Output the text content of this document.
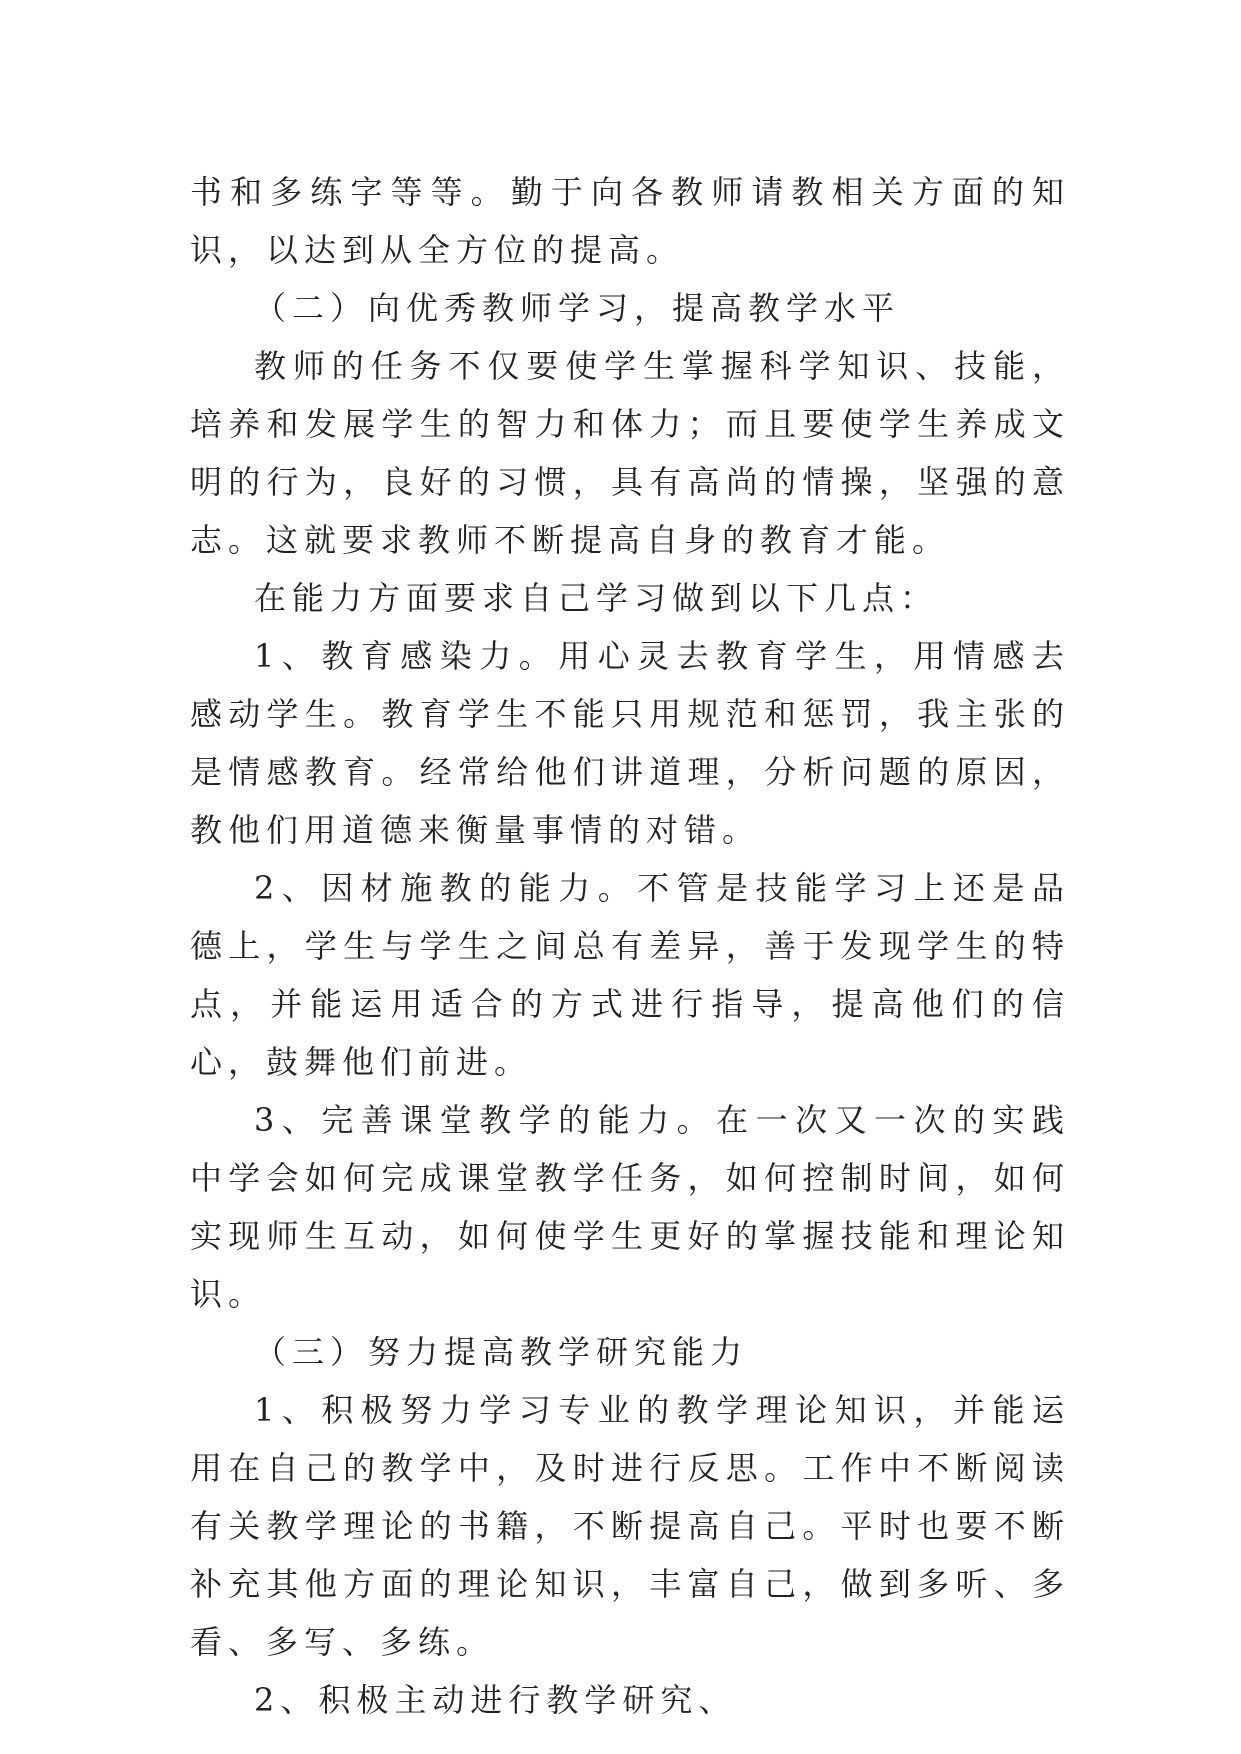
书和多练字等等。勤于向各教师请教相关方面的知识，以达到从全方位的提高。

（二）向优秀教师学习，提高教学水平

教师的任务不仅要使学生掌握科学知识、技能，培养和发展学生的智力和体力；而且要使学生养成文明的行为，良好的习惯，具有高尚的情操，坚强的意志。这就要求教师不断提高自身的教育才能。

在能力方面要求自己学习做到以下几点：

1、教育感染力。用心灵去教育学生，用情感去感动学生。教育学生不能只用规范和惩罚，我主张的是情感教育。经常给他们讲道理，分析问题的原因，教他们用道德来衡量事情的对错。

2、因材施教的能力。不管是技能学习上还是品德上，学生与学生之间总有差异，善于发现学生的特点，并能运用适合的方式进行指导，提高他们的信心，鼓舞他们前进。

3、完善课堂教学的能力。在一次又一次的实践中学会如何完成课堂教学任务，如何控制时间，如何实现师生互动，如何使学生更好的掌握技能和理论知识。

（三）努力提高教学研究能力

1、积极努力学习专业的教学理论知识，并能运用在自己的教学中，及时进行反思。工作中不断阅读有关教学理论的书籍，不断提高自己。平时也要不断补充其他方面的理论知识，丰富自己，做到多听、多看、多写、多练。

2、积极主动进行教学研究、
